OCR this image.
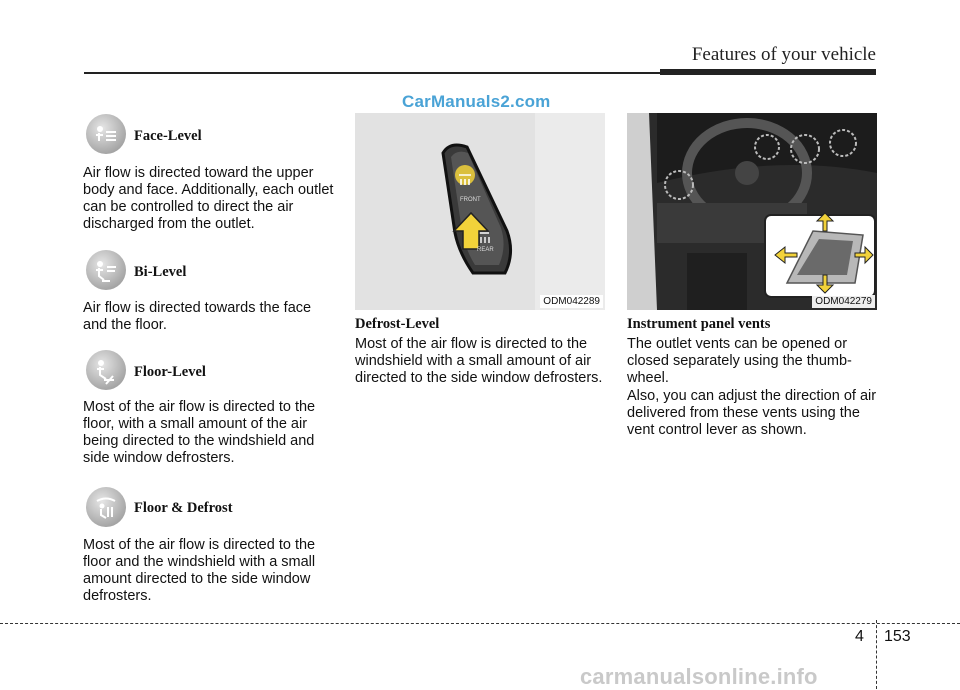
Features of your vehicle
CarManuals2.com
Face-Level
Air flow is directed toward the upper body and face. Additionally, each outlet can be controlled to direct the air discharged from the outlet.
Bi-Level
Air flow is directed towards the face and the floor.
Floor-Level
Most of the air flow is directed to the floor, with a small amount of the air being directed to the windshield and side window defrosters.
Floor & Defrost
Most of the air flow is directed to the floor and the windshield with a small amount directed to the side window defrosters.
FRONT
REAR
ODM042289
Defrost-Level
Most of the air flow is directed to the windshield with a small amount of air directed to the side window defrosters.
ODM042279
Instrument panel vents
The outlet vents can be opened or closed separately using the thumb-wheel.
Also, you can adjust the direction of air delivered from these vents using the vent control lever as shown.
4 153
carmanualsonline.info
